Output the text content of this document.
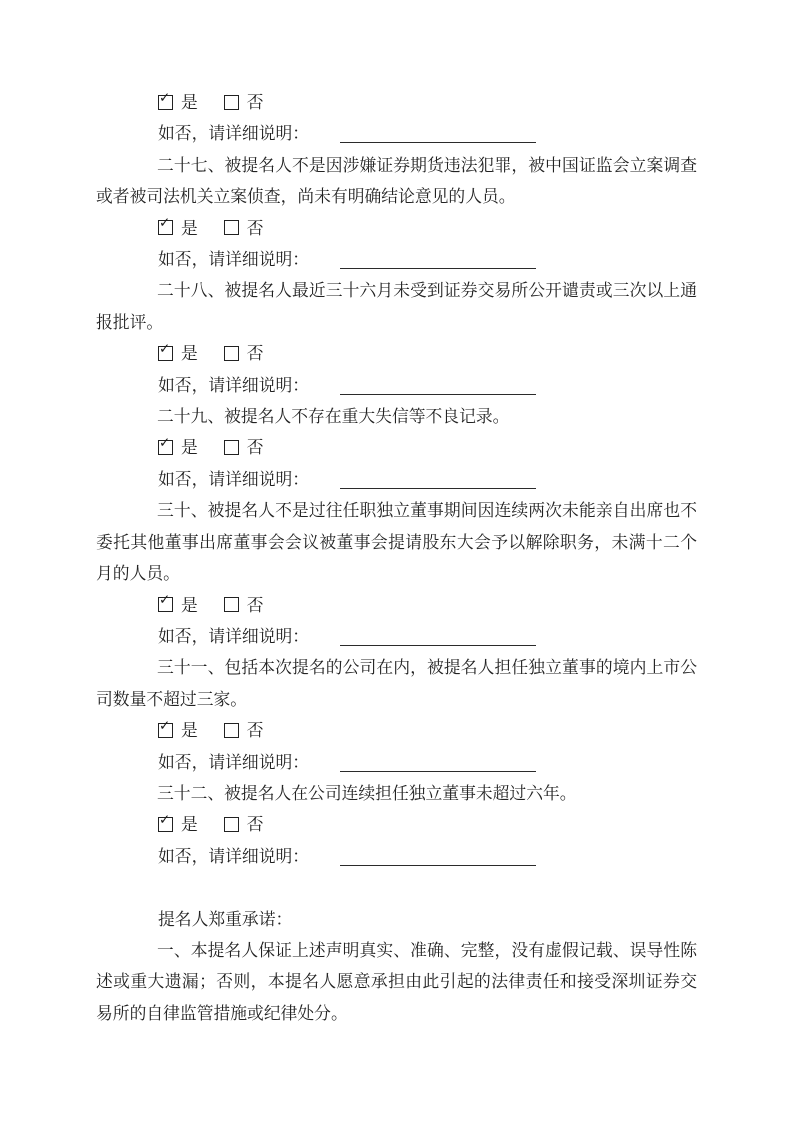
✓ 是	否
如否，请详细说明：

二十七、被提名人不是因涉嫌证券期货违法犯罪，被中国证监会立案调查或者被司法机关立案侦查，尚未有明确结论意见的人员。

✓ 是	否
如否，请详细说明：

二十八、被提名人最近三十六月未受到证券交易所公开谴责或三次以上通报批评。

✓ 是	否
如否，请详细说明：

二十九、被提名人不存在重大失信等不良记录。

✓ 是	否
如否，请详细说明：

三十、被提名人不是过往任职独立董事期间因连续两次未能亲自出席也不委托其他董事出席董事会会议被董事会提请股东大会予以解除职务，未满十二个月的人员。

✓ 是	否
如否，请详细说明：

三十一、包括本次提名的公司在内，被提名人担任独立董事的境内上市公司数量不超过三家。

✓ 是	否
如否，请详细说明：

三十二、被提名人在公司连续担任独立董事未超过六年。

✓ 是	否
如否，请详细说明：

提名人郑重承诺：

一、本提名人保证上述声明真实、准确、完整，没有虚假记载、误导性陈述或重大遗漏；否则，本提名人愿意承担由此引起的法律责任和接受深圳证券交易所的自律监管措施或纪律处分。
